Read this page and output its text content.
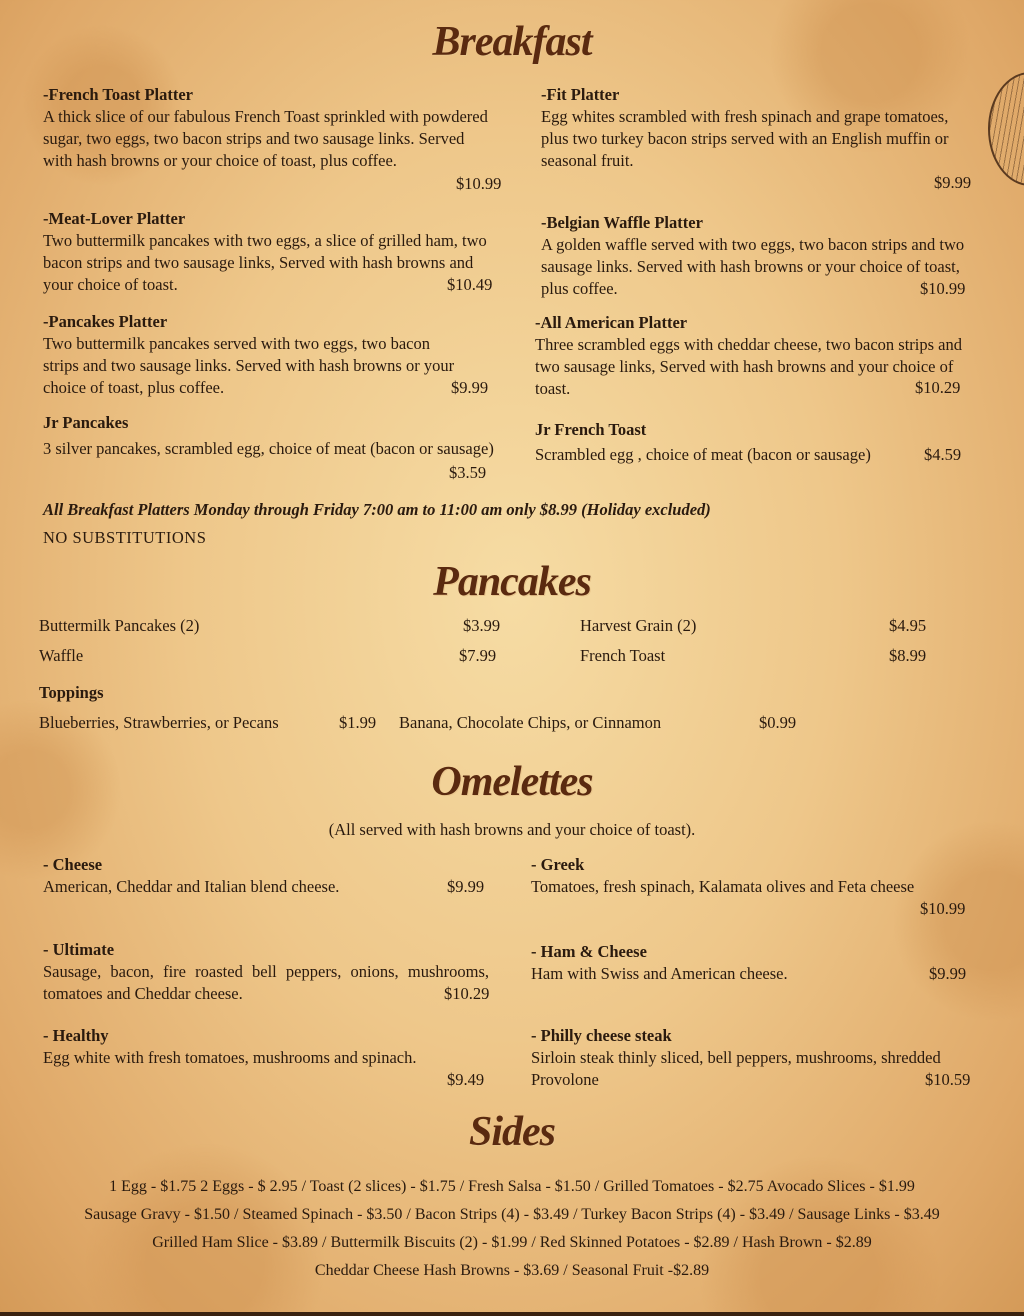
Breakfast
-French Toast Platter
A thick slice of our fabulous French Toast sprinkled with powdered sugar, two eggs, two bacon strips and two sausage links. Served with hash browns or your choice of toast, plus coffee.
$10.99
-Fit Platter
Egg whites scrambled with fresh spinach and grape tomatoes, plus two turkey bacon strips served with an English muffin or seasonal fruit.
$9.99
-Meat-Lover Platter
Two buttermilk pancakes with two eggs, a slice of grilled ham, two bacon strips and two sausage links, Served with hash browns and your choice of toast.	$10.49
-Belgian Waffle Platter
A golden waffle served with two eggs, two bacon strips and two sausage links. Served with hash browns or your choice of toast, plus coffee.	$10.99
-Pancakes Platter
Two buttermilk pancakes served with two eggs, two bacon strips and two sausage links. Served with hash browns or your choice of toast, plus coffee.	$9.99
-All American Platter
Three scrambled eggs with cheddar cheese, two bacon strips and two sausage links, Served with hash browns and your choice of toast.	$10.29
Jr Pancakes
3 silver pancakes, scrambled egg, choice of meat (bacon or sausage)
$3.59
Jr French Toast
Scrambled egg , choice of meat (bacon or sausage)	$4.59
All Breakfast Platters Monday through Friday 7:00 am to 11:00 am only $8.99 (Holiday excluded)
NO SUBSTITUTIONS
Pancakes
Buttermilk Pancakes (2)	$3.99	Harvest Grain (2)	$4.95
Waffle	$7.99	French Toast	$8.99
Toppings
Blueberries, Strawberries, or Pecans	$1.99 Banana, Chocolate Chips, or Cinnamon	$0.99
Omelettes
(All served with hash browns and your choice of toast).
- Cheese
American, Cheddar and Italian blend cheese.	$9.99
- Greek
Tomatoes, fresh spinach, Kalamata olives and Feta cheese
$10.99
- Ultimate
Sausage, bacon, fire roasted bell peppers, onions, mushrooms, tomatoes and Cheddar cheese.	$10.29
- Ham & Cheese
Ham with Swiss and American cheese.	$9.99
- Healthy
Egg white with fresh tomatoes, mushrooms and spinach.
$9.49
- Philly cheese steak
Sirloin steak thinly sliced, bell peppers, mushrooms, shredded Provolone	$10.59
Sides
1 Egg - $1.75 2 Eggs - $ 2.95 / Toast (2 slices) - $1.75 / Fresh Salsa - $1.50 / Grilled Tomatoes - $2.75 Avocado Slices - $1.99
Sausage Gravy - $1.50 / Steamed Spinach - $3.50 / Bacon Strips (4) - $3.49 / Turkey Bacon Strips (4) - $3.49 / Sausage Links - $3.49
Grilled Ham Slice - $3.89 / Buttermilk Biscuits (2) - $1.99 / Red Skinned Potatoes - $2.89 / Hash Brown - $2.89
Cheddar Cheese Hash Browns - $3.69 / Seasonal Fruit -$2.89
